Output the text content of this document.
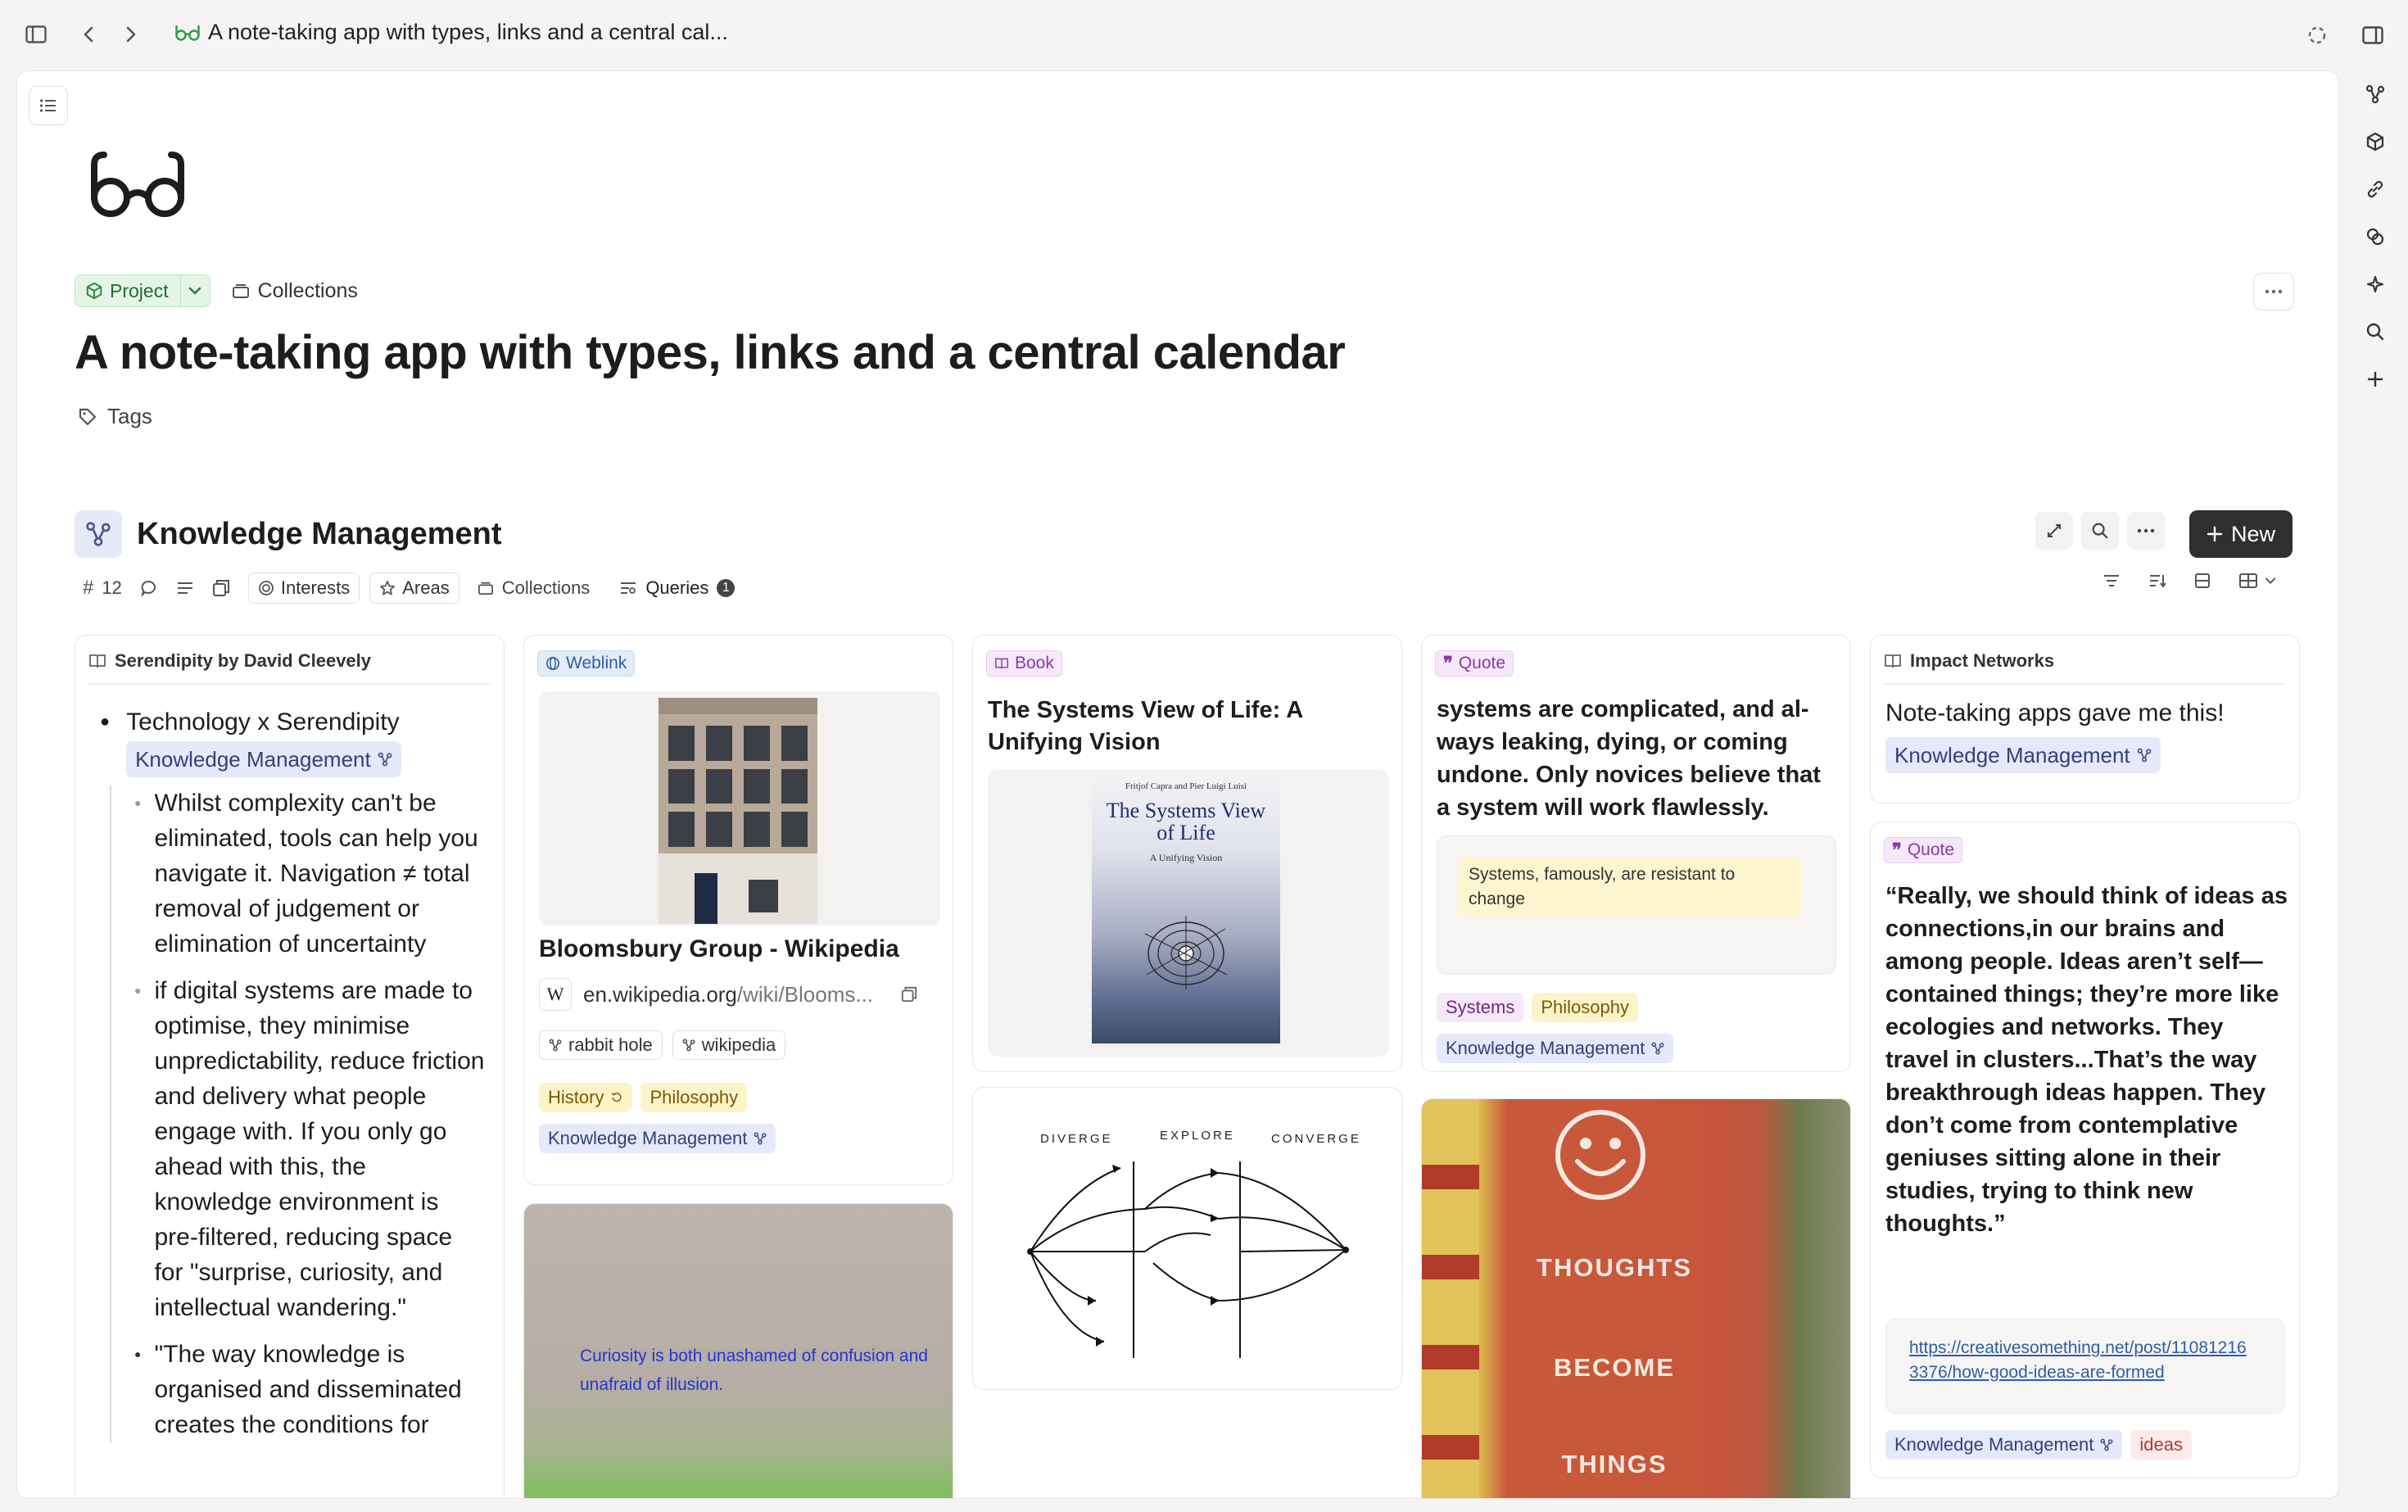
A note-taking app with types, links and a central cal...
Project	Collections
A note-taking app with types, links and a central calendar
Tags
Knowledge Management	New
# 12	Interests	Areas	Collections	Queries	1
Serendipity by David Cleevely
● Technology x Serendipity
Knowledge Management
● Whilst complexity can't be eliminated, tools can help you navigate it. Navigation ≠ total removal of judgement or elimination of uncertainty
● if digital systems are made to optimise, they minimise unpredictability, reduce friction and delivery what people engage with. If you only go ahead with this, the knowledge environment is pre-filtered, reducing space for "surprise, curiosity, and intellectual wandering."
● "The way knowledge is organised and disseminated creates the conditions for
Weblink
Bloomsbury Group - Wikipedia
W en.wikipedia.org /wiki/Blooms...
rabbit hole	wikipedia
History	Philosophy
Knowledge Management
Curiosity is both unashamed of confusion and unafraid of illusion.
Book
The Systems View of Life: A Unifying Vision
Fritjof Capra and Pier Luigi Luisi
The Systems View of Life
A Unifying Vision
DIVERGE	EXPLORE	CONVERGE
❞ Quote
systems are complicated, and al-ways leaking, dying, or coming undone. Only novices believe that a system will work flawlessly.
Systems, famously, are resistant to change
Systems	Philosophy
Knowledge Management
THOUGHTS
BECOME
THINGS
Impact Networks
Note-taking apps gave me this!
Knowledge Management
❞ Quote
“Really, we should think of ideas as connections,in our brains and among people. Ideas aren’t self—contained things; they’re more like ecologies and networks. They travel in clusters...That’s the way breakthrough ideas happen. They don’t come from contemplative geniuses sitting alone in their studies, trying to think new thoughts.”
https://creativesomething.net/post/110812163376/how-good-ideas-are-formed
Knowledge Management	ideas
